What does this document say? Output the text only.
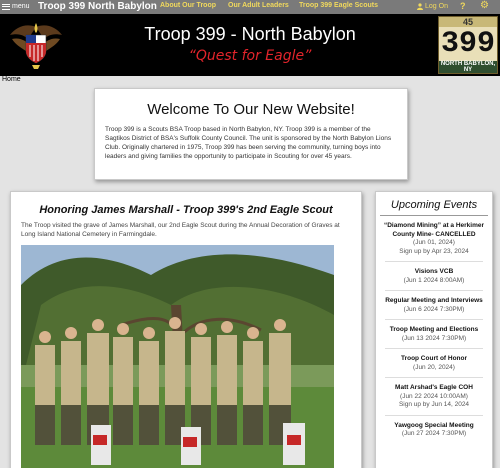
menu Troop 399 North Babylon About Our Troop Our Adult Leaders Troop 399 Eagle Scouts	Log On ? ⚙
Troop 399 - North Babylon
“Quest for Eagle”
45
399
NORTH BABYLON, NY
Home
Welcome To Our New Website!

Troop 399 is a Scouts BSA Troop based in North Babylon, NY. Troop 399 is a member of the Sagtikos District of BSA's Suffolk County Council. The unit is sponsored by the North Babylon Lions Club. Originally chartered in 1975, Troop 399 has been serving the community, turning boys into leaders and giving families the opportunity to participate in Scouting for over 45 years.

Honoring James Marshall - Troop 399's 2nd Eagle Scout

The Troop visited the grave of James Marshall, our 2nd Eagle Scout during the Annual Decoration of Graves at Long Island National Cemetery in Farmingdale.

Upcoming Events
“Diamond Mining” at a Herkimer County Mine- CANCELLED
(Jun 01, 2024)
Sign up by Apr 23, 2024
Visions VCB
(Jun 1 2024 8:00AM)
Regular Meeting and Interviews
(Jun 6 2024 7:30PM)
Troop Meeting and Elections
(Jun 13 2024 7:30PM)
Troop Court of Honor
(Jun 20, 2024)
Matt Arshad's Eagle COH
(Jun 22 2024 10:00AM)
Sign up by Jun 14, 2024
Yawgoog Special Meeting
(Jun 27 2024 7:30PM)
